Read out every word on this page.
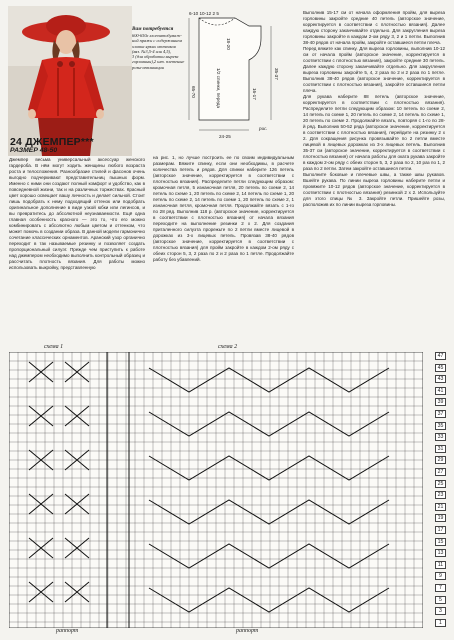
Вам потребуется
600-650г хлопчатобумаж-
ной пряжи с содержанием
хлопка ярких оттенков
(вяз. №3,5-4 или 4,5),
3 (для обработки выреза
горловины),2 шт. плетеные
розы-аппликации
24 ДЖЕМПЕР***
РАЗМЕР 48-50
6-10 10-12 2 5
18-20
1/2 спинки, переда	35-37
65-70	16-17
24-25
рис.
Джемпер весьма универсальный аксессуар женского гардероба. В нём могут ходить женщины любого возраста роста и телосложения. Разнообразие стилей и фасонов очень выгодно подчеркивают представительниц пышных форм. Именно с ними они создают полный комфорт и удобство, как в повседневной жизни, так и на различных торжествах. Красный цвет хорошо освещает вашу личность и делает сильной. Стоит лишь подобрать к нему подходящий оттенок или подобрать оригинальное дополнение в виде узкой юбки или легинсов, и вы превратитесь до абсолютной неузнаваемости. Ещё одна главная особенность красного — это то, что его можно комбинировать с абсолютно любым цветом и оттенком, что может помочь в создании образа. В данной модели гармонично сочетание классических орнаментов. Аранский узор органично переходит в так называемые резинку и позволяет создать пропорциональный силуэт. Прежде чем приступить к работе над джемпером необходимо выполнить контрольный образец и рассчитать плотность вязания. Для работы можно использовать выкройку, представленную
на рис. 1, но лучше построить ее по своим индивидуальным размерам. Вяжите спинку, если они необходимы, в расчете количества петель и рядов. Для спинки наберите 126 петель (авторское значение, корректируется в соответствии с плотностью вязания). Распределите петли следующим образом: кромочная петля, 5 изнаночная петля, 20 петель по схеме 2, 14 петель по схеме 1, 20 петель по схеме 2, 14 петель по схеме 1, 20 петель по схеме 2, 14 петель по схеме 1, 20 петель по схеме 2, 1 изнаночная петля, кромочная петля. Продолжайте вязать с 1-го по 28 ряд. Выполнив 118 р. (авторское значение, корректируется в соответствии с плотностью вязания) от начала вязания переходите на выполнение резинки 2 х 2. Для создания приталенного силуэта прорежьте по 2 петли вместе лицевой в дорожках из 3-х лицевых петель. Провязав 38-40 рядов (авторское значение, корректируется в соответствии с плотностью вязания) для пройм закройте в каждом 2-ом ряду с обеих сторон 5, 3, 2 раза по 2 и 2 раза по 1 петле. Продолжайте работу без убавлений.
Выполнив 15-17 см от начала оформления пройм, для выреза горловины закройте средние 40 петель (авторское значение, корректируется в соответствии с плотностью вязания). Далее каждую сторону заканчивайте отдельно. Для закругления выреза горловины закройте в каждом 2-ом ряду 3, 2 и 1 петли. Выполнив 38-40 рядов от начала пройм, закройте оставшиеся петли плеча.
Перед вяжите как спинку. Для выреза горловины, выполнив 10-12 см от начала пройм (авторское значение, корректируется в соответствии с плотностью вязания), закройте средние 30 петель. Далее каждую сторону заканчивайте отдельно. Для закругления выреза горловины закройте 5, 4, 2 раза по 2 и 2 раза по 1 петле. Выполнив 38-40 рядов (авторское значение, корректируется в соответствии с плотностью вязания), закройте оставшиеся петли плеча.
Для рукава наберите 88 петель (авторское значение, корректируется в соответствии с плотностью вязания). Распределите петли следующим образом: 10 петель по схеме 2, 14 петель по схеме 1, 20 петель по схеме 2, 14 петель по схеме 1, 20 петель по схеме 2. Продолжайте вязать, повторяя с 1-го по 28-й ряд. Выполнив 50-52 ряда (авторское значение, корректируется в соответствии с плотностью вязания), перейдите на резинку 2 х 2. Для сокращения рисунка провязывайте по 2 петли вместе лицевой в лицевых дорожках из 3-х лицевых петель. Выполнив 35-37 см (авторское значение, корректируется в соответствии с плотностью вязания) от начала работы для оката рукава закройте в каждом 2-ом ряду с обеих сторон 5, 3, 2 раза по 2, 10 раз по 1, 2 раза по 2 петли. Затем закройте оставшиеся петли.
Выполните боковые и плечевые швы, а также швы рукавов. Вшейте рукава. По линии выреза горловины наберите петли и провяжите 10-12 рядов (авторское значение, корректируется в соответствии с плотностью вязания) резинкой 2 х 2. Используйте для этого спицы № 3. Закройте петли. Пришейте розы, расположив их по линии выреза горловины.
схема 1	схема 2
47
45
43
41
39
37
35
33
31
29
27
25
23
21
19
17
15
13
11
9
7
5
3
1
раппорт	раппорт
